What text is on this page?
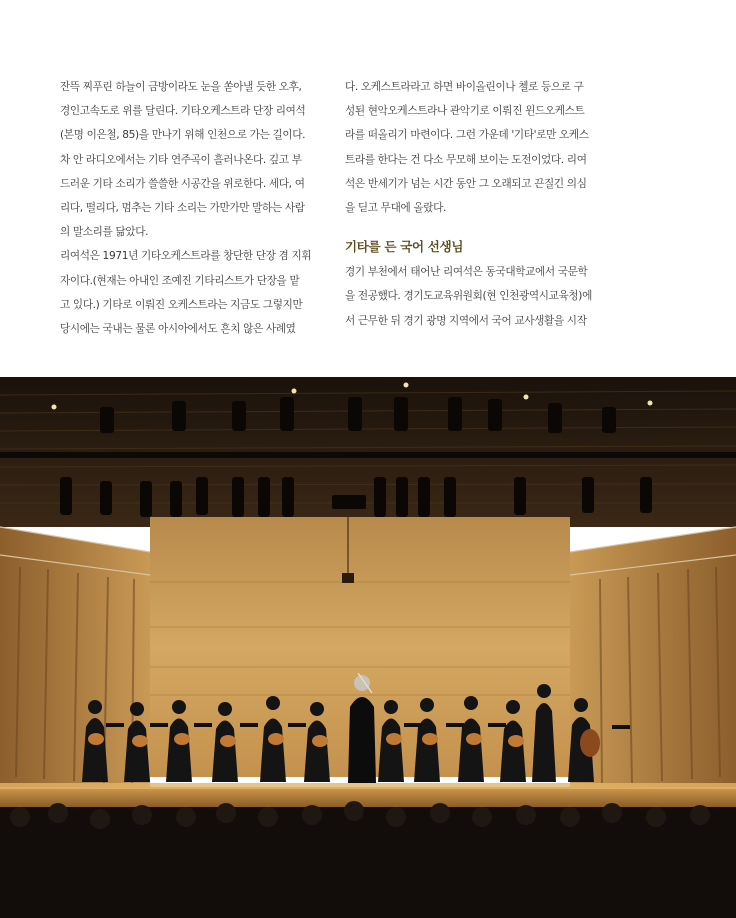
잔뜩 찌푸린 하늘이 금방이라도 눈을 쏟아낼 듯한 오후,
경인고속도로 위를 달린다. 기타오케스트라 단장 리여석
(본명 이은철, 85)을 만나기 위해 인천으로 가는 길이다.
차 안 라디오에서는 기타 연주곡이 흘러나온다. 깊고 부
드러운 기타 소리가 쓸쓸한 시공간을 위로한다. 세다, 여
리다, 떨리다, 멈추는 기타 소리는 가만가만 말하는 사람
의 말소리를 닮았다.

리여석은 1971년 기타오케스트라를 창단한 단장 겸 지휘
자이다.(현재는 아내인 조예진 기타리스트가 단장을 맡
고 있다.) 기타로 이뤄진 오케스트라는 지금도 그렇지만
당시에는 국내는 물론 아시아에서도 흔치 않은 사례였

다. 오케스트라라고 하면 바이올린이나 첼로 등으로 구
성된 현악오케스트라나 관악기로 이뤄진 윈드오케스트
라를 떠올리기 마련이다. 그런 가운데 '기타'로만 오케스
트라를 한다는 건 다소 무모해 보이는 도전이었다. 리여
석은 반세기가 넘는 시간 동안 그 오래되고 끈질긴 의심
을 딛고 무대에 올랐다.

기타를 든 국어 선생님

경기 부천에서 태어난 리여석은 동국대학교에서 국문학
을 전공했다. 경기도교육위원회(현 인천광역시교육청)에
서 근무한 뒤 경기 광명 지역에서 국어 교사생활을 시작
